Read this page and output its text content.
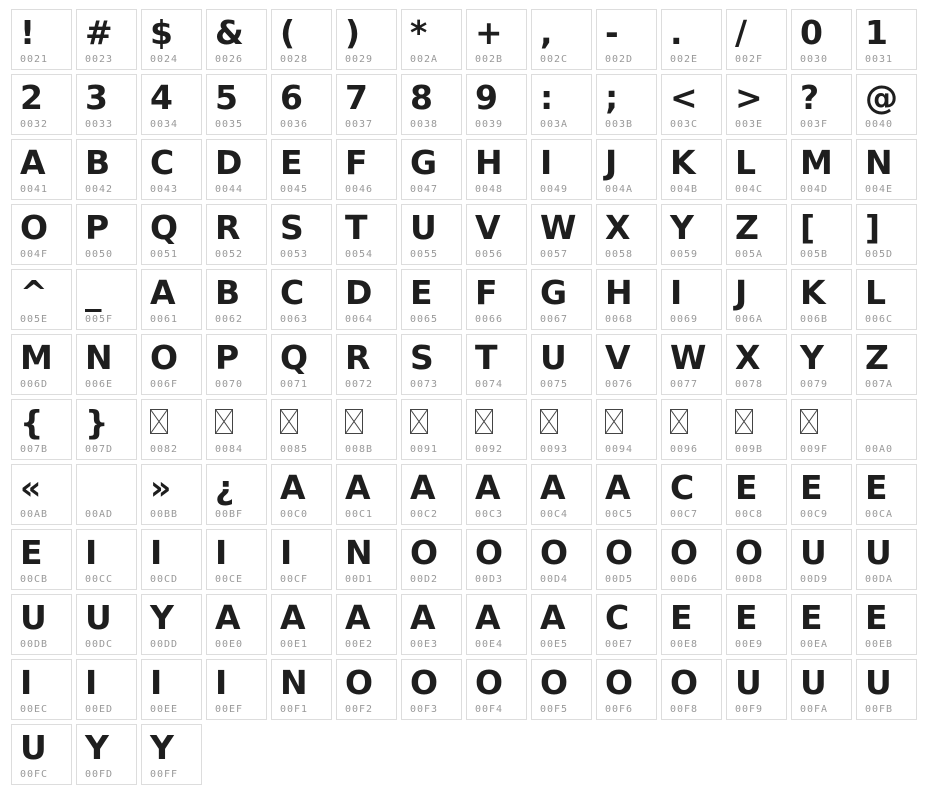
!
0021
#
0023
$
0024
&
0026
(
0028
)
0029
*
002A
+
002B
,
002C
-
002D
.
002E
/
002F
0
0030
1
0031
2
0032
3
0033
4
0034
5
0035
6
0036
7
0037
8
0038
9
0039
:
003A
;
003B
<
003C
>
003E
?
003F
@
0040
A
0041
B
0042
C
0043
D
0044
E
0045
F
0046
G
0047
H
0048
I
0049
J
004A
K
004B
L
004C
M
004D
N
004E
O
004F
P
0050
Q
0051
R
0052
S
0053
T
0054
U
0055
V
0056
W
0057
X
0058
Y
0059
Z
005A
[
005B
]
005D
^
005E
_
005F
A
0061
B
0062
C
0063
D
0064
E
0065
F
0066
G
0067
H
0068
I
0069
J
006A
K
006B
L
006C
M
006D
N
006E
O
006F
P
0070
Q
0071
R
0072
S
0073
T
0074
U
0075
V
0076
W
0077
X
0078
Y
0079
Z
007A
{
007B
}
007D	0082	0084	0085	008B	0091	0092	0093	0094	0096	009B	009F	00A0
«
00AB	00AD
»
00BB
¿
00BF
A
00C0
A
00C1
A
00C2
A
00C3
A
00C4
A
00C5
C
00C7
E
00C8
E
00C9
E
00CA
E
00CB
I
00CC
I
00CD
I
00CE
I
00CF
N
00D1
O
00D2
O
00D3
O
00D4
O
00D5
O
00D6
O
00D8
U
00D9
U
00DA
U
00DB
U
00DC
Y
00DD
A
00E0
A
00E1
A
00E2
A
00E3
A
00E4
A
00E5
C
00E7
E
00E8
E
00E9
E
00EA
E
00EB
I
00EC
I
00ED
I
00EE
I
00EF
N
00F1
O
00F2
O
00F3
O
00F4
O
00F5
O
00F6
O
00F8
U
00F9
U
00FA
U
00FB
U
00FC
Y
00FD
Y
00FF
